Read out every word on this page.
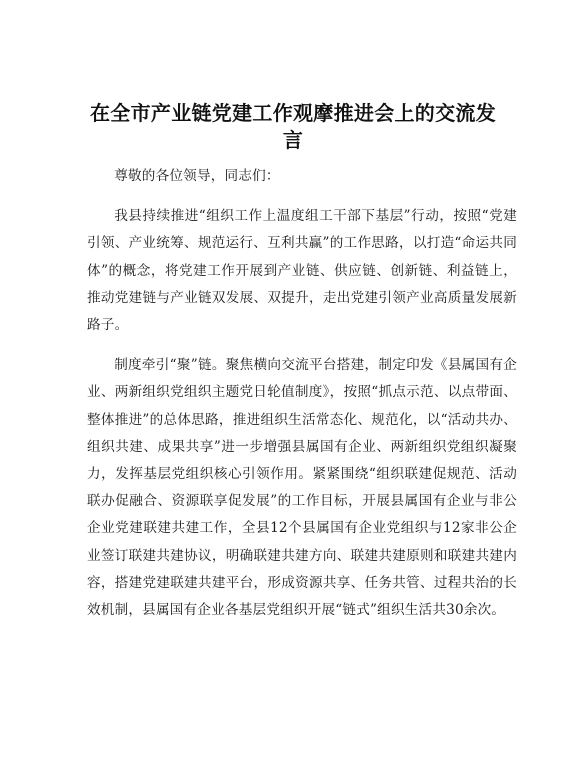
在全市产业链党建工作观摩推进会上的交流发言

尊敬的各位领导，同志们：

我县持续推进“组织工作上温度组工干部下基层”行动，按照“党建引领、产业统筹、规范运行、互利共赢”的工作思路，以打造“命运共同体”的概念，将党建工作开展到产业链、供应链、创新链、利益链上，推动党建链与产业链双发展、双提升，走出党建引领产业高质量发展新路子。

制度牵引“聚”链。聚焦横向交流平台搭建，制定印发《县属国有企业、两新组织党组织主题党日轮值制度》，按照“抓点示范、以点带面、整体推进”的总体思路，推进组织生活常态化、规范化，以“活动共办、组织共建、成果共享”进一步增强县属国有企业、两新组织党组织凝聚力，发挥基层党组织核心引领作用。紧紧围绕“组织联建促规范、活动联办促融合、资源联享促发展”的工作目标，开展县属国有企业与非公企业党建联建共建工作，全县12个县属国有企业党组织与12家非公企业签订联建共建协议，明确联建共建方向、联建共建原则和联建共建内容，搭建党建联建共建平台，形成资源共享、任务共管、过程共治的长效机制，县属国有企业各基层党组织开展“链式”组织生活共30余次。
